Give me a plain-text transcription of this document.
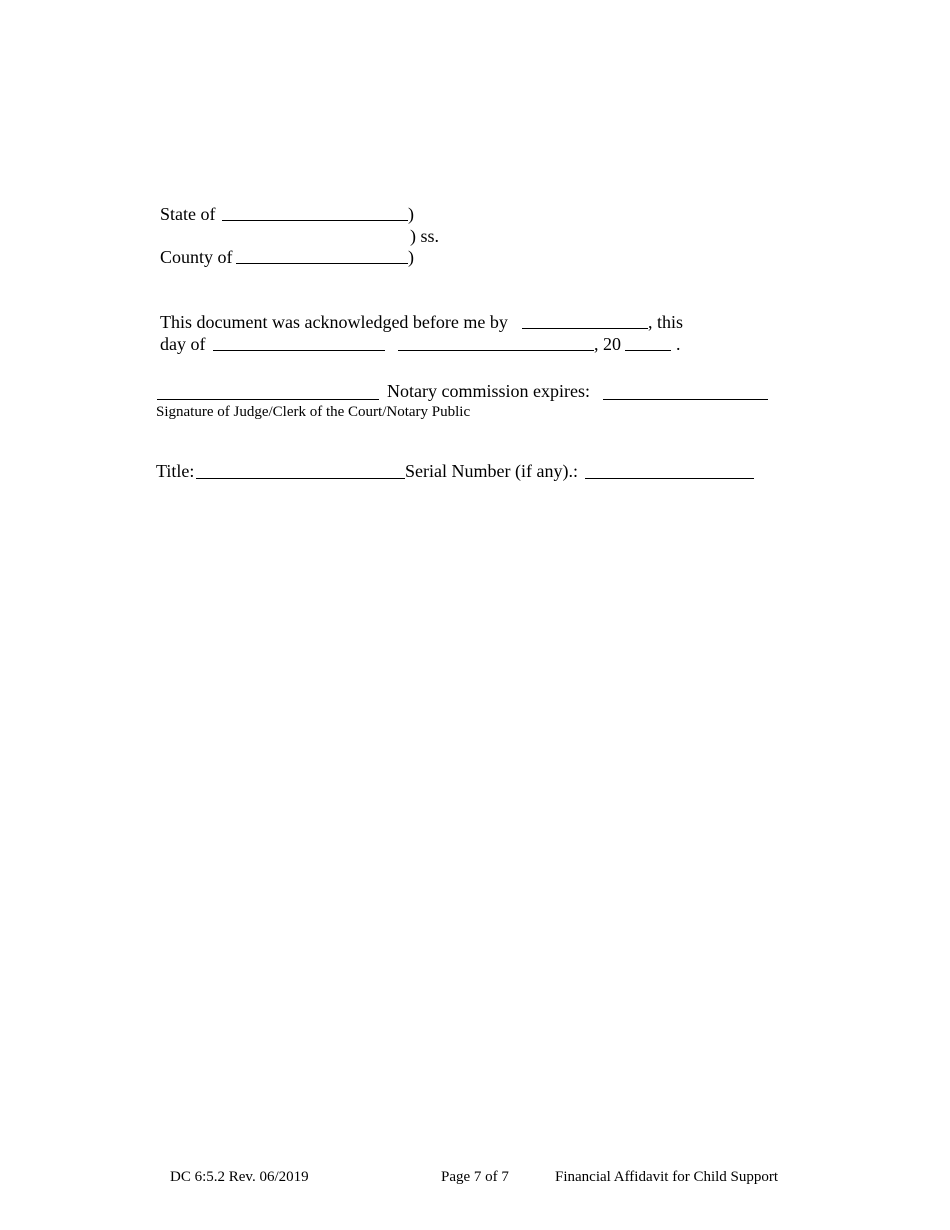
State of	)
) ss.
County of	)
This document was acknowledged before me by	, this
day of	, 20	.
Notary commission expires:
Signature of Judge/Clerk of the Court/Notary Public
Title:	Serial Number (if any).:
DC 6:5.2 Rev. 06/2019	Page 7 of 7	Financial Affidavit for Child Support
